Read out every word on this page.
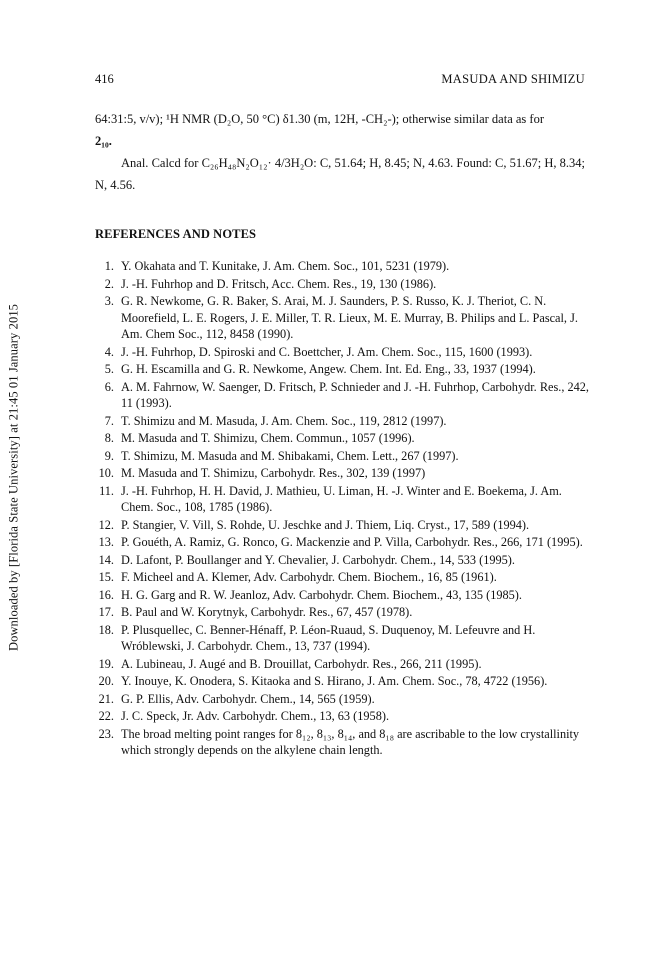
Downloaded by [Florida State University] at 21:45 01 January 2015
416	MASUDA AND SHIMIZU

64:31:5, v/v); ¹H NMR (D₂O, 50 °C) δ1.30 (m, 12H, -CH₂-); otherwise similar data as for

2₁₀.

Anal. Calcd for C₂₆H₄₈N₂O₁₂· 4/3H₂O: C, 51.64; H, 8.45; N, 4.63. Found: C, 51.67; H, 8.34; N, 4.56.

REFERENCES AND NOTES
1. Y. Okahata and T. Kunitake, J. Am. Chem. Soc., 101, 5231 (1979).
2. J. -H. Fuhrhop and D. Fritsch, Acc. Chem. Res., 19, 130 (1986).
3. G. R. Newkome, G. R. Baker, S. Arai, M. J. Saunders, P. S. Russo, K. J. Theriot, C. N. Moorefield, L. E. Rogers, J. E. Miller, T. R. Lieux, M. E. Murray, B. Philips and L. Pascal, J. Am. Chem Soc., 112, 8458 (1990).
4. J. -H. Fuhrhop, D. Spiroski and C. Boettcher, J. Am. Chem. Soc., 115, 1600 (1993).
5. G. H. Escamilla and G. R. Newkome, Angew. Chem. Int. Ed. Eng., 33, 1937 (1994).
6. A. M. Fahrnow, W. Saenger, D. Fritsch, P. Schnieder and J. -H. Fuhrhop, Carbohydr. Res., 242, 11 (1993).
7. T. Shimizu and M. Masuda, J. Am. Chem. Soc., 119, 2812 (1997).
8. M. Masuda and T. Shimizu, Chem. Commun., 1057 (1996).
9. T. Shimizu, M. Masuda and M. Shibakami, Chem. Lett., 267 (1997).
10. M. Masuda and T. Shimizu, Carbohydr. Res., 302, 139 (1997)
11. J. -H. Fuhrhop, H. H. David, J. Mathieu, U. Liman, H. -J. Winter and E. Boekema, J. Am. Chem. Soc., 108, 1785 (1986).
12. P. Stangier, V. Vill, S. Rohde, U. Jeschke and J. Thiem, Liq. Cryst., 17, 589 (1994).
13. P. Gouéth, A. Ramiz, G. Ronco, G. Mackenzie and P. Villa, Carbohydr. Res., 266, 171 (1995).
14. D. Lafont, P. Boullanger and Y. Chevalier, J. Carbohydr. Chem., 14, 533 (1995).
15. F. Micheel and A. Klemer, Adv. Carbohydr. Chem. Biochem., 16, 85 (1961).
16. H. G. Garg and R. W. Jeanloz, Adv. Carbohydr. Chem. Biochem., 43, 135 (1985).
17. B. Paul and W. Korytnyk, Carbohydr. Res., 67, 457 (1978).
18. P. Plusquellec, C. Benner-Hénaff, P. Léon-Ruaud, S. Duquenoy, M. Lefeuvre and H. Wróblewski, J. Carbohydr. Chem., 13, 737 (1994).
19. A. Lubineau, J. Augé and B. Drouillat, Carbohydr. Res., 266, 211 (1995).
20. Y. Inouye, K. Onodera, S. Kitaoka and S. Hirano, J. Am. Chem. Soc., 78, 4722 (1956).
21. G. P. Ellis, Adv. Carbohydr. Chem., 14, 565 (1959).
22. J. C. Speck, Jr. Adv. Carbohydr. Chem., 13, 63 (1958).
23. The broad melting point ranges for 8₁₂, 8₁₃, 8₁₄, and 8₁₈ are ascribable to the low crystallinity which strongly depends on the alkylene chain length.
